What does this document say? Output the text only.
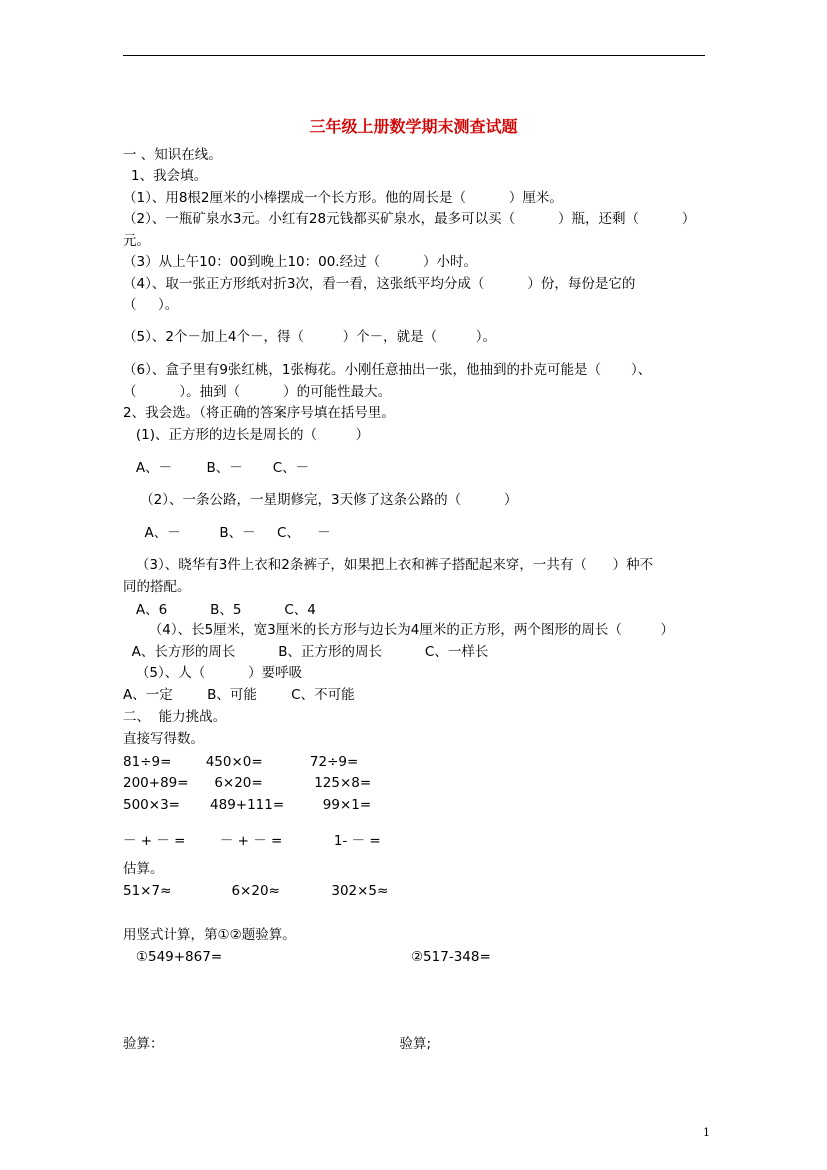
三年级上册数学期末测查试题
一 、知识在线。
1、我会填。
（1）、用8根2厘米的小棒摆成一个长方形。他的周长是（          ）厘米。
（2）、一瓶矿泉水3元。小红有28元钱都买矿泉水，最多可以买（          ）瓶，还剩（          ）
元。
（3）从上午10：00到晚上10：00.经过（          ）小时。
（4）、取一张正方形纸对折3次，看一看，这张纸平均分成（          ）份，每份是它的
（     ）。
（5）、2个－加上4个－，得（         ）个－，就是（         ）。
（6）、盒子里有9张红桃，1张梅花。小刚任意抽出一张，他抽到的扑克可能是（       ）、
（          ）。抽到（          ）的可能性最大。
2、我会选。（将正确的答案序号填在括号里。
(1)、正方形的边长是周长的（         ）
A、－        B、－       C、－
（2）、一条公路，一星期修完，3天修了这条公路的（          ）
A、－         B、－     C、    －
（3）、晓华有3件上衣和2条裤子，如果把上衣和裤子搭配起来穿，一共有（      ）种不
同的搭配。
A、6          B、5          C、4
（4）、长5厘米，宽3厘米的长方形与边长为4厘米的正方形，两个图形的周长（         ）
A、长方形的周长          B、正方形的周长          C、一样长
（5）、人（          ）要呼吸
A、一定        B、可能        C、不可能
二、  能力挑战。
直接写得数。
81÷9=        450×0=           72÷9=
200+89=      6×20=            125×8=
500×3=       489+111=         99×1=
－ + － =        － + － =            1- － =
估算。
51×7≈              6×20≈            302×5≈
用竖式计算，第①②题验算。
①549+867=                                            ②517-348=
验算：                                                       验算;
1
